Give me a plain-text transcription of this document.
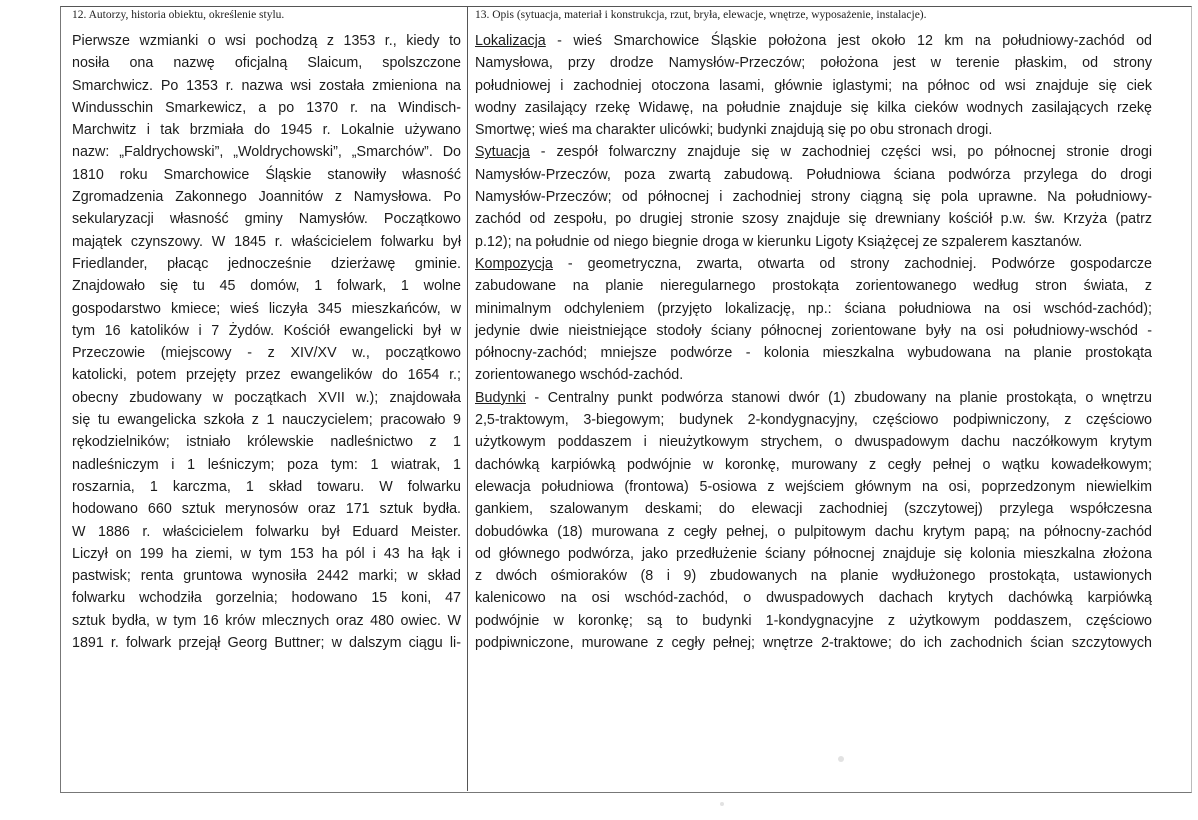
12. Autorzy, historia obiektu, określenie stylu.	13. Opis (sytuacja, materiał i konstrukcja, rzut, bryła, elewacje, wnętrze, wyposażenie, instalacje).
Pierwsze wzmianki o wsi pochodzą z 1353 r., kiedy to
nosiła ona nazwę oficjalną Slaicum, spolszczone
Smarchwicz. Po 1353 r. nazwa wsi została zmieniona na
Windusschin Smarkewicz, a po 1370 r. na Windisch-
Marchwitz i tak brzmiała do 1945 r. Lokalnie używano
nazw: „Faldrychowski”, „Woldrychowski”, „Smarchów”. Do
1810 roku Smarchowice Śląskie stanowiły własność
Zgromadzenia Zakonnego Joannitów z Namysłowa. Po
sekularyzacji własność gminy Namysłów. Początkowo
majątek czynszowy. W 1845 r. właścicielem folwarku był
Friedlander, płacąc jednocześnie dzierżawę gminie.
Znajdowało się tu 45 domów, 1 folwark, 1 wolne
gospodarstwo kmiece; wieś liczyła 345 mieszkańców, w
tym 16 katolików i 7 Żydów. Kościół ewangelicki był w
Przeczowie (miejscowy - z XIV/XV w., początkowo
katolicki, potem przejęty przez ewangelików do 1654 r.;
obecny zbudowany w początkach XVII w.); znajdowała
się tu ewangelicka szkoła z 1 nauczycielem; pracowało 9
rękodzielników; istniało królewskie nadleśnictwo z 1
nadleśniczym i 1 leśniczym; poza tym: 1 wiatrak, 1
roszarnia, 1 karczma, 1 skład towaru. W folwarku
hodowano 660 sztuk merynosów oraz 171 sztuk bydła.
W 1886 r. właścicielem folwarku był Eduard Meister.
Liczył on 199 ha ziemi, w tym 153 ha pól i 43 ha łąk i
pastwisk; renta gruntowa wynosiła 2442 marki; w skład
folwarku wchodziła gorzelnia; hodowano 15 koni, 47
sztuk bydła, w tym 16 krów mlecznych oraz 480 owiec. W
1891 r. folwark przejął Georg Buttner; w dalszym ciągu li-
Lokalizacja - wieś Smarchowice Śląskie położona jest około 12 km na południowy-zachód od
Namysłowa, przy drodze Namysłów-Przeczów; położona jest w terenie płaskim, od strony
południowej i zachodniej otoczona lasami, głównie iglastymi; na północ od wsi znajduje się ciek
wodny zasilający rzekę Widawę, na południe znajduje się kilka cieków wodnych zasilających rzekę
Smortwę; wieś ma charakter ulicówki; budynki znajdują się po obu stronach drogi.
Sytuacja - zespół folwarczny znajduje się w zachodniej części wsi, po północnej stronie drogi
Namysłów-Przeczów, poza zwartą zabudową. Południowa ściana podwórza przylega do drogi
Namysłów-Przeczów; od północnej i zachodniej strony ciągną się pola uprawne. Na południowy-
zachód od zespołu, po drugiej stronie szosy znajduje się drewniany kościół p.w. św. Krzyża (patrz
p.12); na południe od niego biegnie droga w kierunku Ligoty Książęcej ze szpalerem kasztanów.
Kompozycja - geometryczna, zwarta, otwarta od strony zachodniej. Podwórze gospodarcze
zabudowane na planie nieregularnego prostokąta zorientowanego według stron świata, z
minimalnym odchyleniem (przyjęto lokalizację, np.: ściana południowa na osi wschód-zachód);
jedynie dwie nieistniejące stodoły ściany północnej zorientowane były na osi południowy-wschód -
północny-zachód; mniejsze podwórze - kolonia mieszkalna wybudowana na planie prostokąta
zorientowanego wschód-zachód.
Budynki - Centralny punkt podwórza stanowi dwór (1) zbudowany na planie prostokąta, o wnętrzu
2,5-traktowym, 3-biegowym; budynek 2-kondygnacyjny, częściowo podpiwniczony, z częściowo
użytkowym poddaszem i nieużytkowym strychem, o dwuspadowym dachu naczółkowym krytym
dachówką karpiówką podwójnie w koronkę, murowany z cegły pełnej o wątku kowadełkowym;
elewacja południowa (frontowa) 5-osiowa z wejściem głównym na osi, poprzedzonym niewielkim
gankiem, szalowanym deskami; do elewacji zachodniej (szczytowej) przylega współczesna
dobudówka (18) murowana z cegły pełnej, o pulpitowym dachu krytym papą; na północny-zachód
od głównego podwórza, jako przedłużenie ściany północnej znajduje się kolonia mieszkalna złożona
z dwóch ośmioraków (8 i 9) zbudowanych na planie wydłużonego prostokąta, ustawionych
kalenicowo na osi wschód-zachód, o dwuspadowych dachach krytych dachówką karpiówką
podwójnie w koronkę; są to budynki 1-kondygnacyjne z użytkowym poddaszem, częściowo
podpiwniczone, murowane z cegły pełnej; wnętrze 2-traktowe; do ich zachodnich ścian szczytowych
